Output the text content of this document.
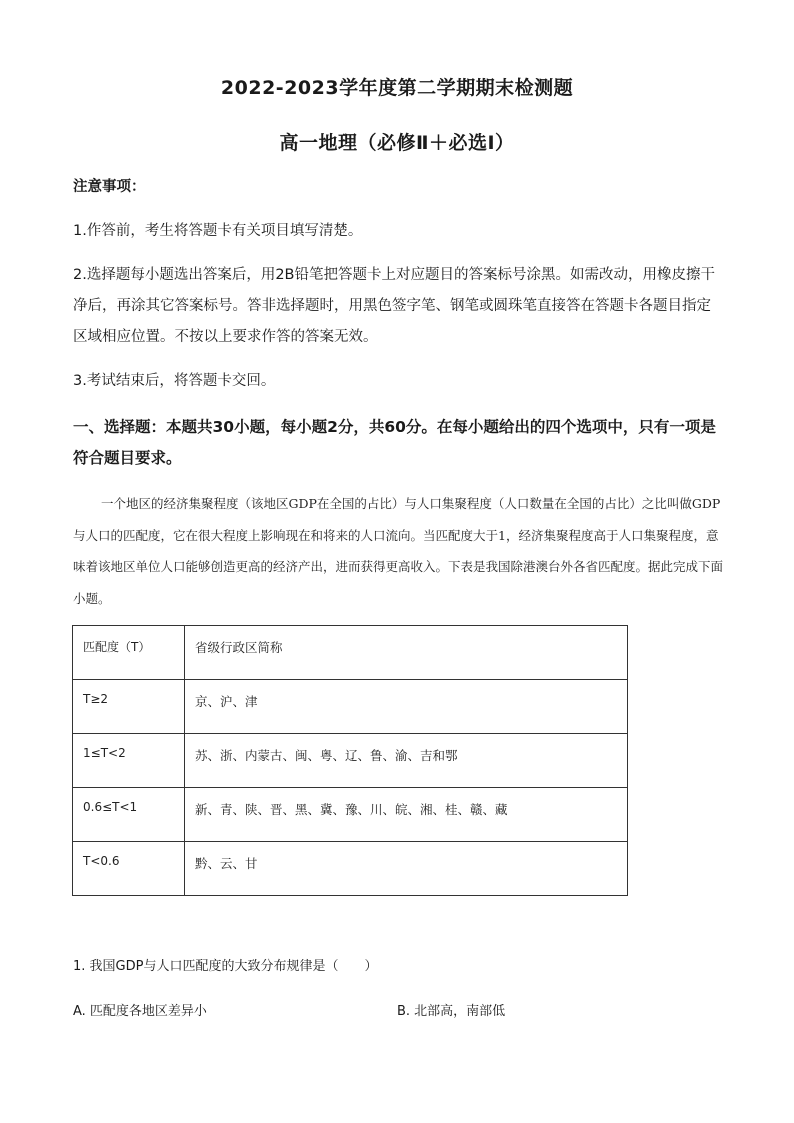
2022-2023学年度第二学期期末检测题
高一地理（必修Ⅱ＋必选Ⅰ）

注意事项：

1.作答前，考生将答题卡有关项目填写清楚。

2.选择题每小题选出答案后，用2B铅笔把答题卡上对应题目的答案标号涂黑。如需改动，用橡皮擦干净后，再涂其它答案标号。答非选择题时，用黑色签字笔、钢笔或圆珠笔直接答在答题卡各题目指定区域相应位置。不按以上要求作答的答案无效。

3.考试结束后，将答题卡交回。

一、选择题：本题共30小题，每小题2分，共60分。在每小题给出的四个选项中，只有一项是符合题目要求。

一个地区的经济集聚程度（该地区GDP在全国的占比）与人口集聚程度（人口数量在全国的占比）之比叫做GDP与人口的匹配度，它在很大程度上影响现在和将来的人口流向。当匹配度大于1，经济集聚程度高于人口集聚程度，意味着该地区单位人口能够创造更高的经济产出，进而获得更高收入。下表是我国除港澳台外各省匹配度。据此完成下面小题。

匹配度（T）	省级行政区简称
T≥2	京、沪、津
1≤T<2	苏、浙、内蒙古、闽、粤、辽、鲁、渝、吉和鄂
0.6≤T<1	新、青、陕、晋、黑、冀、豫、川、皖、湘、桂、赣、藏
T<0.6	黔、云、甘
1. 我国GDP与人口匹配度的大致分布规律是（　　）
A. 匹配度各地区差异小	B. 北部高，南部低
